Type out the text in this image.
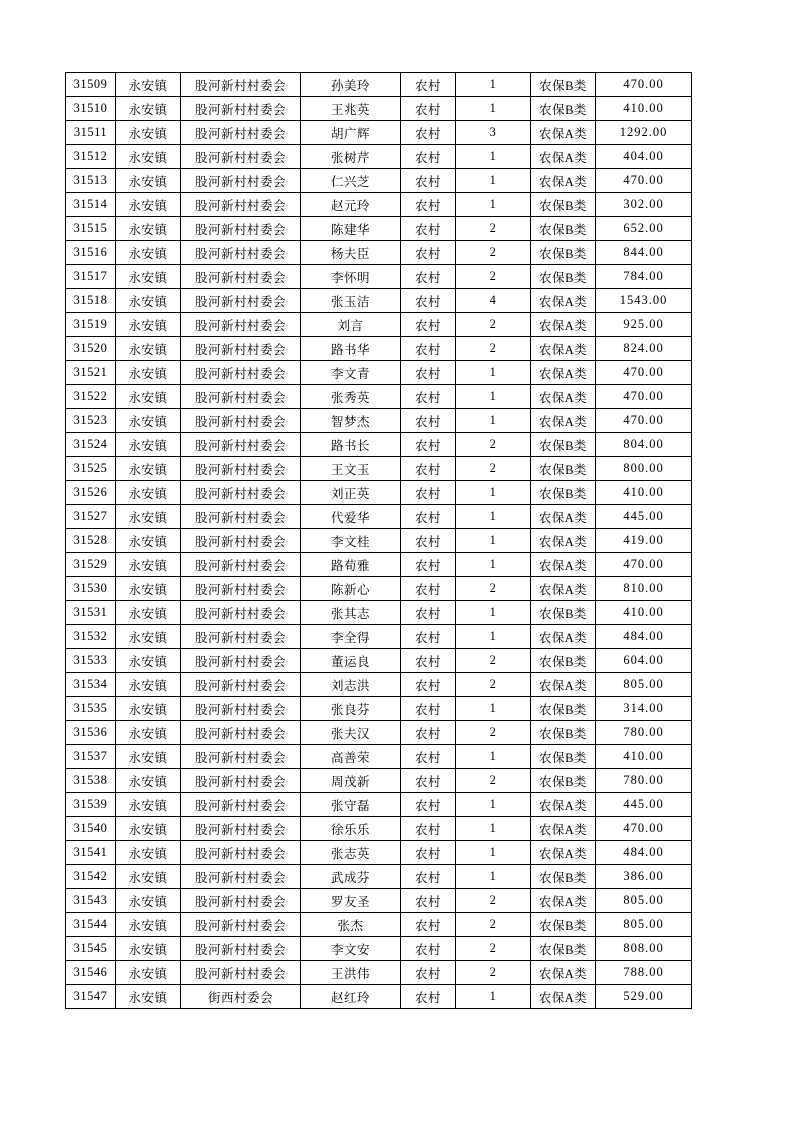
31509	永安镇	股河新村村委会	孙美玲	农村	1	农保B类	470.00
31510	永安镇	股河新村村委会	王兆英	农村	1	农保B类	410.00
31511	永安镇	股河新村村委会	胡广辉	农村	3	农保A类	1292.00
31512	永安镇	股河新村村委会	张树芹	农村	1	农保A类	404.00
31513	永安镇	股河新村村委会	仁兴芝	农村	1	农保A类	470.00
31514	永安镇	股河新村村委会	赵元玲	农村	1	农保B类	302.00
31515	永安镇	股河新村村委会	陈建华	农村	2	农保B类	652.00
31516	永安镇	股河新村村委会	杨夫臣	农村	2	农保B类	844.00
31517	永安镇	股河新村村委会	李怀明	农村	2	农保B类	784.00
31518	永安镇	股河新村村委会	张玉洁	农村	4	农保A类	1543.00
31519	永安镇	股河新村村委会	刘言	农村	2	农保A类	925.00
31520	永安镇	股河新村村委会	路书华	农村	2	农保A类	824.00
31521	永安镇	股河新村村委会	李文青	农村	1	农保A类	470.00
31522	永安镇	股河新村村委会	张秀英	农村	1	农保A类	470.00
31523	永安镇	股河新村村委会	智梦杰	农村	1	农保A类	470.00
31524	永安镇	股河新村村委会	路书长	农村	2	农保B类	804.00
31525	永安镇	股河新村村委会	王文玉	农村	2	农保B类	800.00
31526	永安镇	股河新村村委会	刘正英	农村	1	农保B类	410.00
31527	永安镇	股河新村村委会	代爱华	农村	1	农保A类	445.00
31528	永安镇	股河新村村委会	李文桂	农村	1	农保A类	419.00
31529	永安镇	股河新村村委会	路荀雅	农村	1	农保A类	470.00
31530	永安镇	股河新村村委会	陈新心	农村	2	农保A类	810.00
31531	永安镇	股河新村村委会	张其志	农村	1	农保B类	410.00
31532	永安镇	股河新村村委会	李全得	农村	1	农保A类	484.00
31533	永安镇	股河新村村委会	董运良	农村	2	农保B类	604.00
31534	永安镇	股河新村村委会	刘志洪	农村	2	农保A类	805.00
31535	永安镇	股河新村村委会	张良芬	农村	1	农保B类	314.00
31536	永安镇	股河新村村委会	张夫汉	农村	2	农保B类	780.00
31537	永安镇	股河新村村委会	高善荣	农村	1	农保B类	410.00
31538	永安镇	股河新村村委会	周茂新	农村	2	农保B类	780.00
31539	永安镇	股河新村村委会	张守磊	农村	1	农保A类	445.00
31540	永安镇	股河新村村委会	徐乐乐	农村	1	农保A类	470.00
31541	永安镇	股河新村村委会	张志英	农村	1	农保A类	484.00
31542	永安镇	股河新村村委会	武成芬	农村	1	农保B类	386.00
31543	永安镇	股河新村村委会	罗友圣	农村	2	农保A类	805.00
31544	永安镇	股河新村村委会	张杰	农村	2	农保B类	805.00
31545	永安镇	股河新村村委会	李文安	农村	2	农保B类	808.00
31546	永安镇	股河新村村委会	王洪伟	农村	2	农保A类	788.00
31547	永安镇	街西村委会	赵红玲	农村	1	农保A类	529.00
